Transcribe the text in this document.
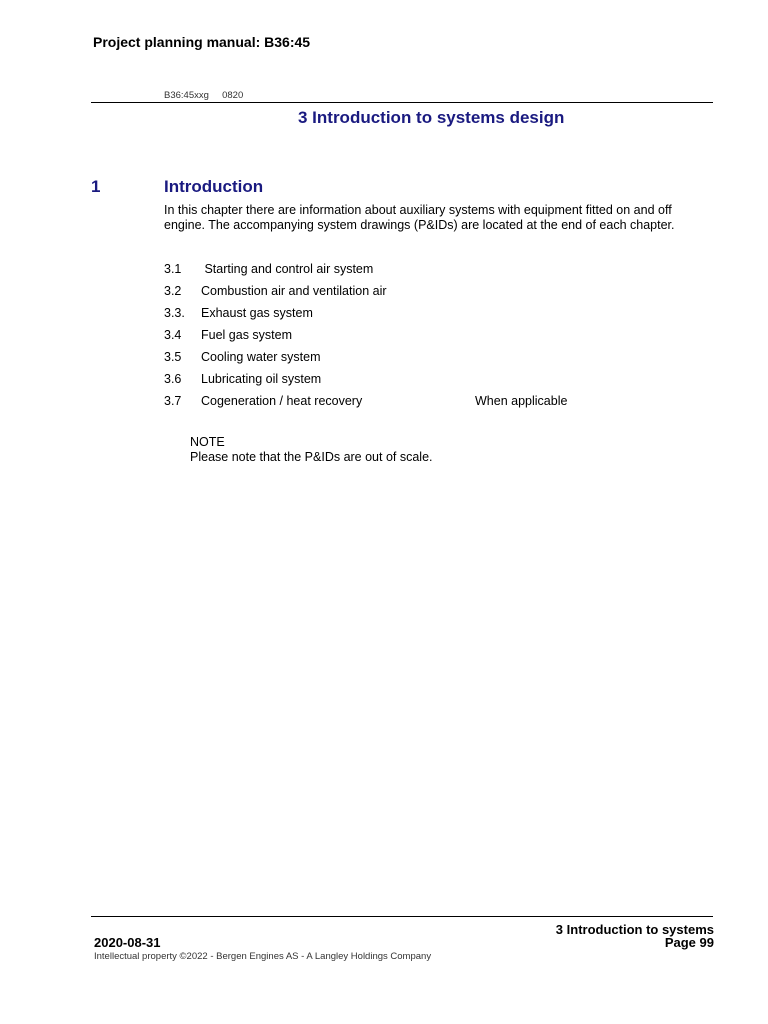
Project planning manual: B36:45
B36:45xxg     0820
3 Introduction to systems design
1	Introduction
In this chapter there are information about auxiliary systems with equipment fitted on and off engine. The accompanying system drawings (P&IDs) are located at the end of each chapter.
3.1 Starting and control air system
3.2 Combustion air and ventilation air
3.3. Exhaust gas system
3.4 Fuel gas system
3.5 Cooling water system
3.6 Lubricating oil system
3.7 Cogeneration / heat recovery	When applicable
NOTE
Please note that the P&IDs are out of scale.
3 Introduction to systems
2020-08-31	Page 99
Intellectual property ©2022 - Bergen Engines AS - A Langley Holdings Company
